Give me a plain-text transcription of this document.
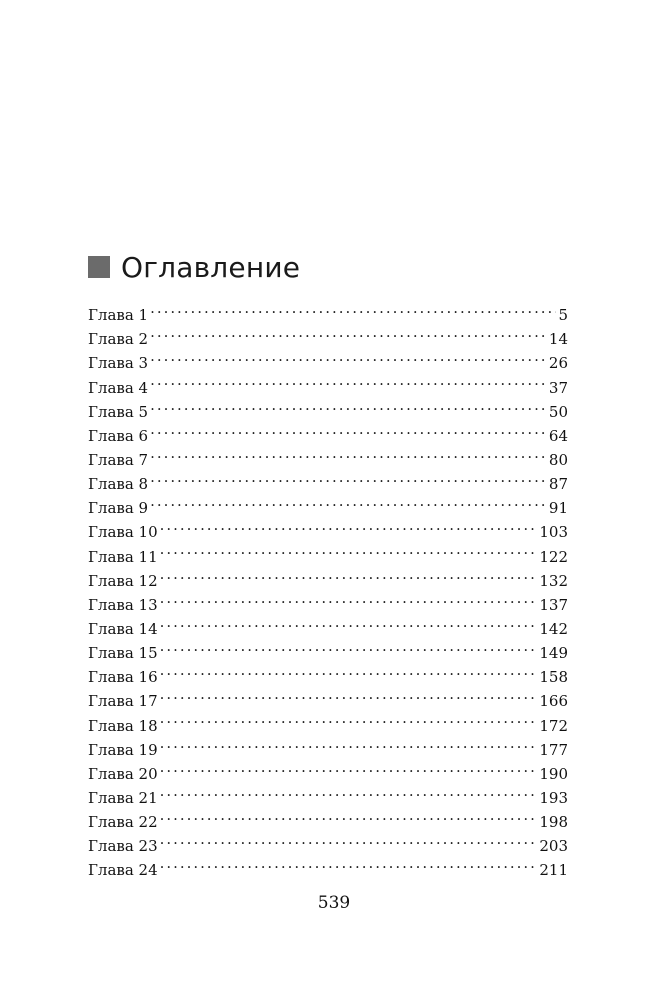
Оглавление
Глава 1 . . .	5
Глава 2 . . .	14
Глава 3 . . .	26
Глава 4 . . .	37
Глава 5 . . .	50
Глава 6 . . .	64
Глава 7 . . .	80
Глава 8 . . .	87
Глава 9 . . .	91
Глава 10 . . .	103
Глава 11 . . .	122
Глава 12 . . .	132
Глава 13 . . .	137
Глава 14 . . .	142
Глава 15 . . .	149
Глава 16 . . .	158
Глава 17 . . .	166
Глава 18 . . .	172
Глава 19 . . .	177
Глава 20 . . .	190
Глава 21 . . .	193
Глава 22 . . .	198
Глава 23 . . .	203
Глава 24 . . .	211
539
